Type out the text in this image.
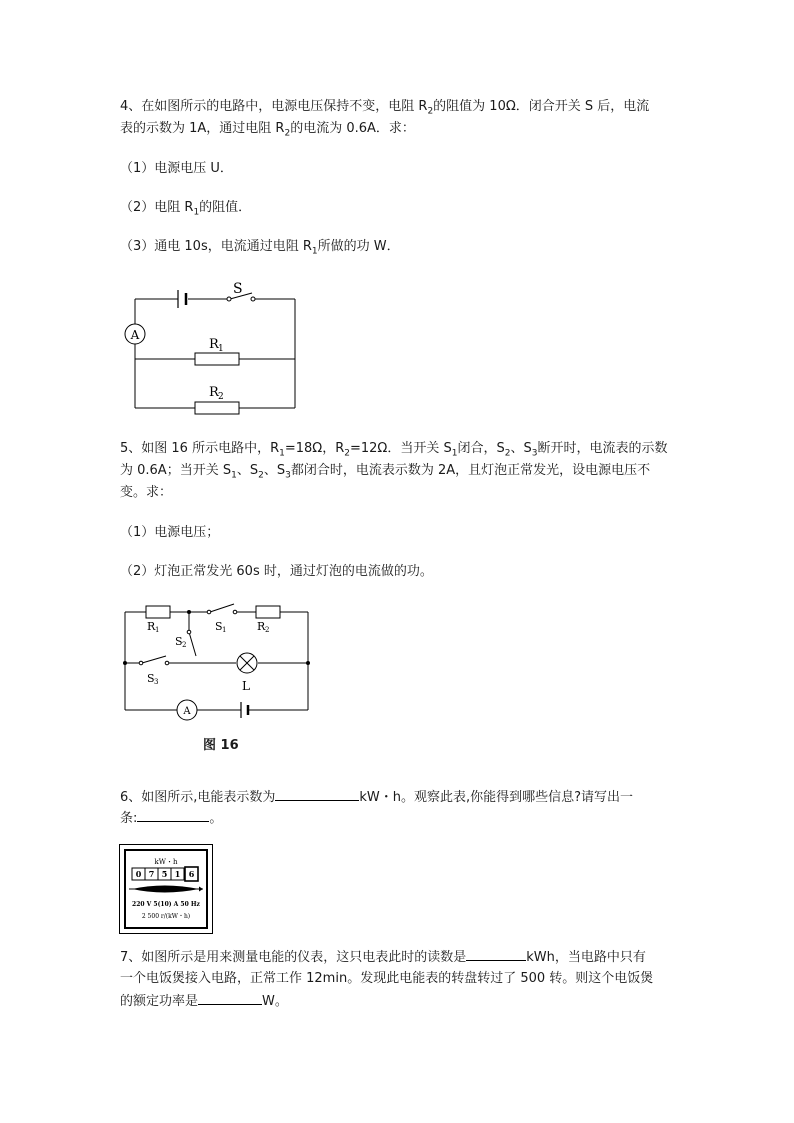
4、在如图所示的电路中，电源电压保持不变，电阻 $R_2$的阻值为 10Ω．闭合开关 S 后，电流
表的示数为 1A，通过电阻 $R_2$的电流为 0.6A．求：
（1）电源电压 U．
（2）电阻 $R_1$的阻值．
（3）通电 10s，电流通过电阻 $R_1$所做的功 W．
S
A
R 1
R 2
5、如图 16 所示电路中，$R_1=18\Omega$，$R_2=12\Omega$．当开关 $S_1$闭合，$S_2$、$S_3$断开时，电流表的示数
为 0.6A；当开关 $S_1$、$S_2$、$S_3$都闭合时，电流表示数为 2A，且灯泡正常发光，设电源电压不
变。求：
（1）电源电压；
（2）灯泡正常发光 60s 时，通过灯泡的电流做的功。
R 1	R 2
S 1
S 2
S 3	L
A
图 16
6、如图所示,电能表示数为	kW・h。观察此表,你能得到哪些信息?请写出一
条:	。
kW・h
0 7 5 1 6
220 V 5(10) A 50 Hz
2 500 r/(kW・h)
7、如图所示是用来测量电能的仪表，这只电表此时的读数是	kWh，当电路中只有
一个电饭煲接入电路，正常工作 12min。发现此电能表的转盘转过了 500 转。则这个电饭煲
的额定功率是	W。
